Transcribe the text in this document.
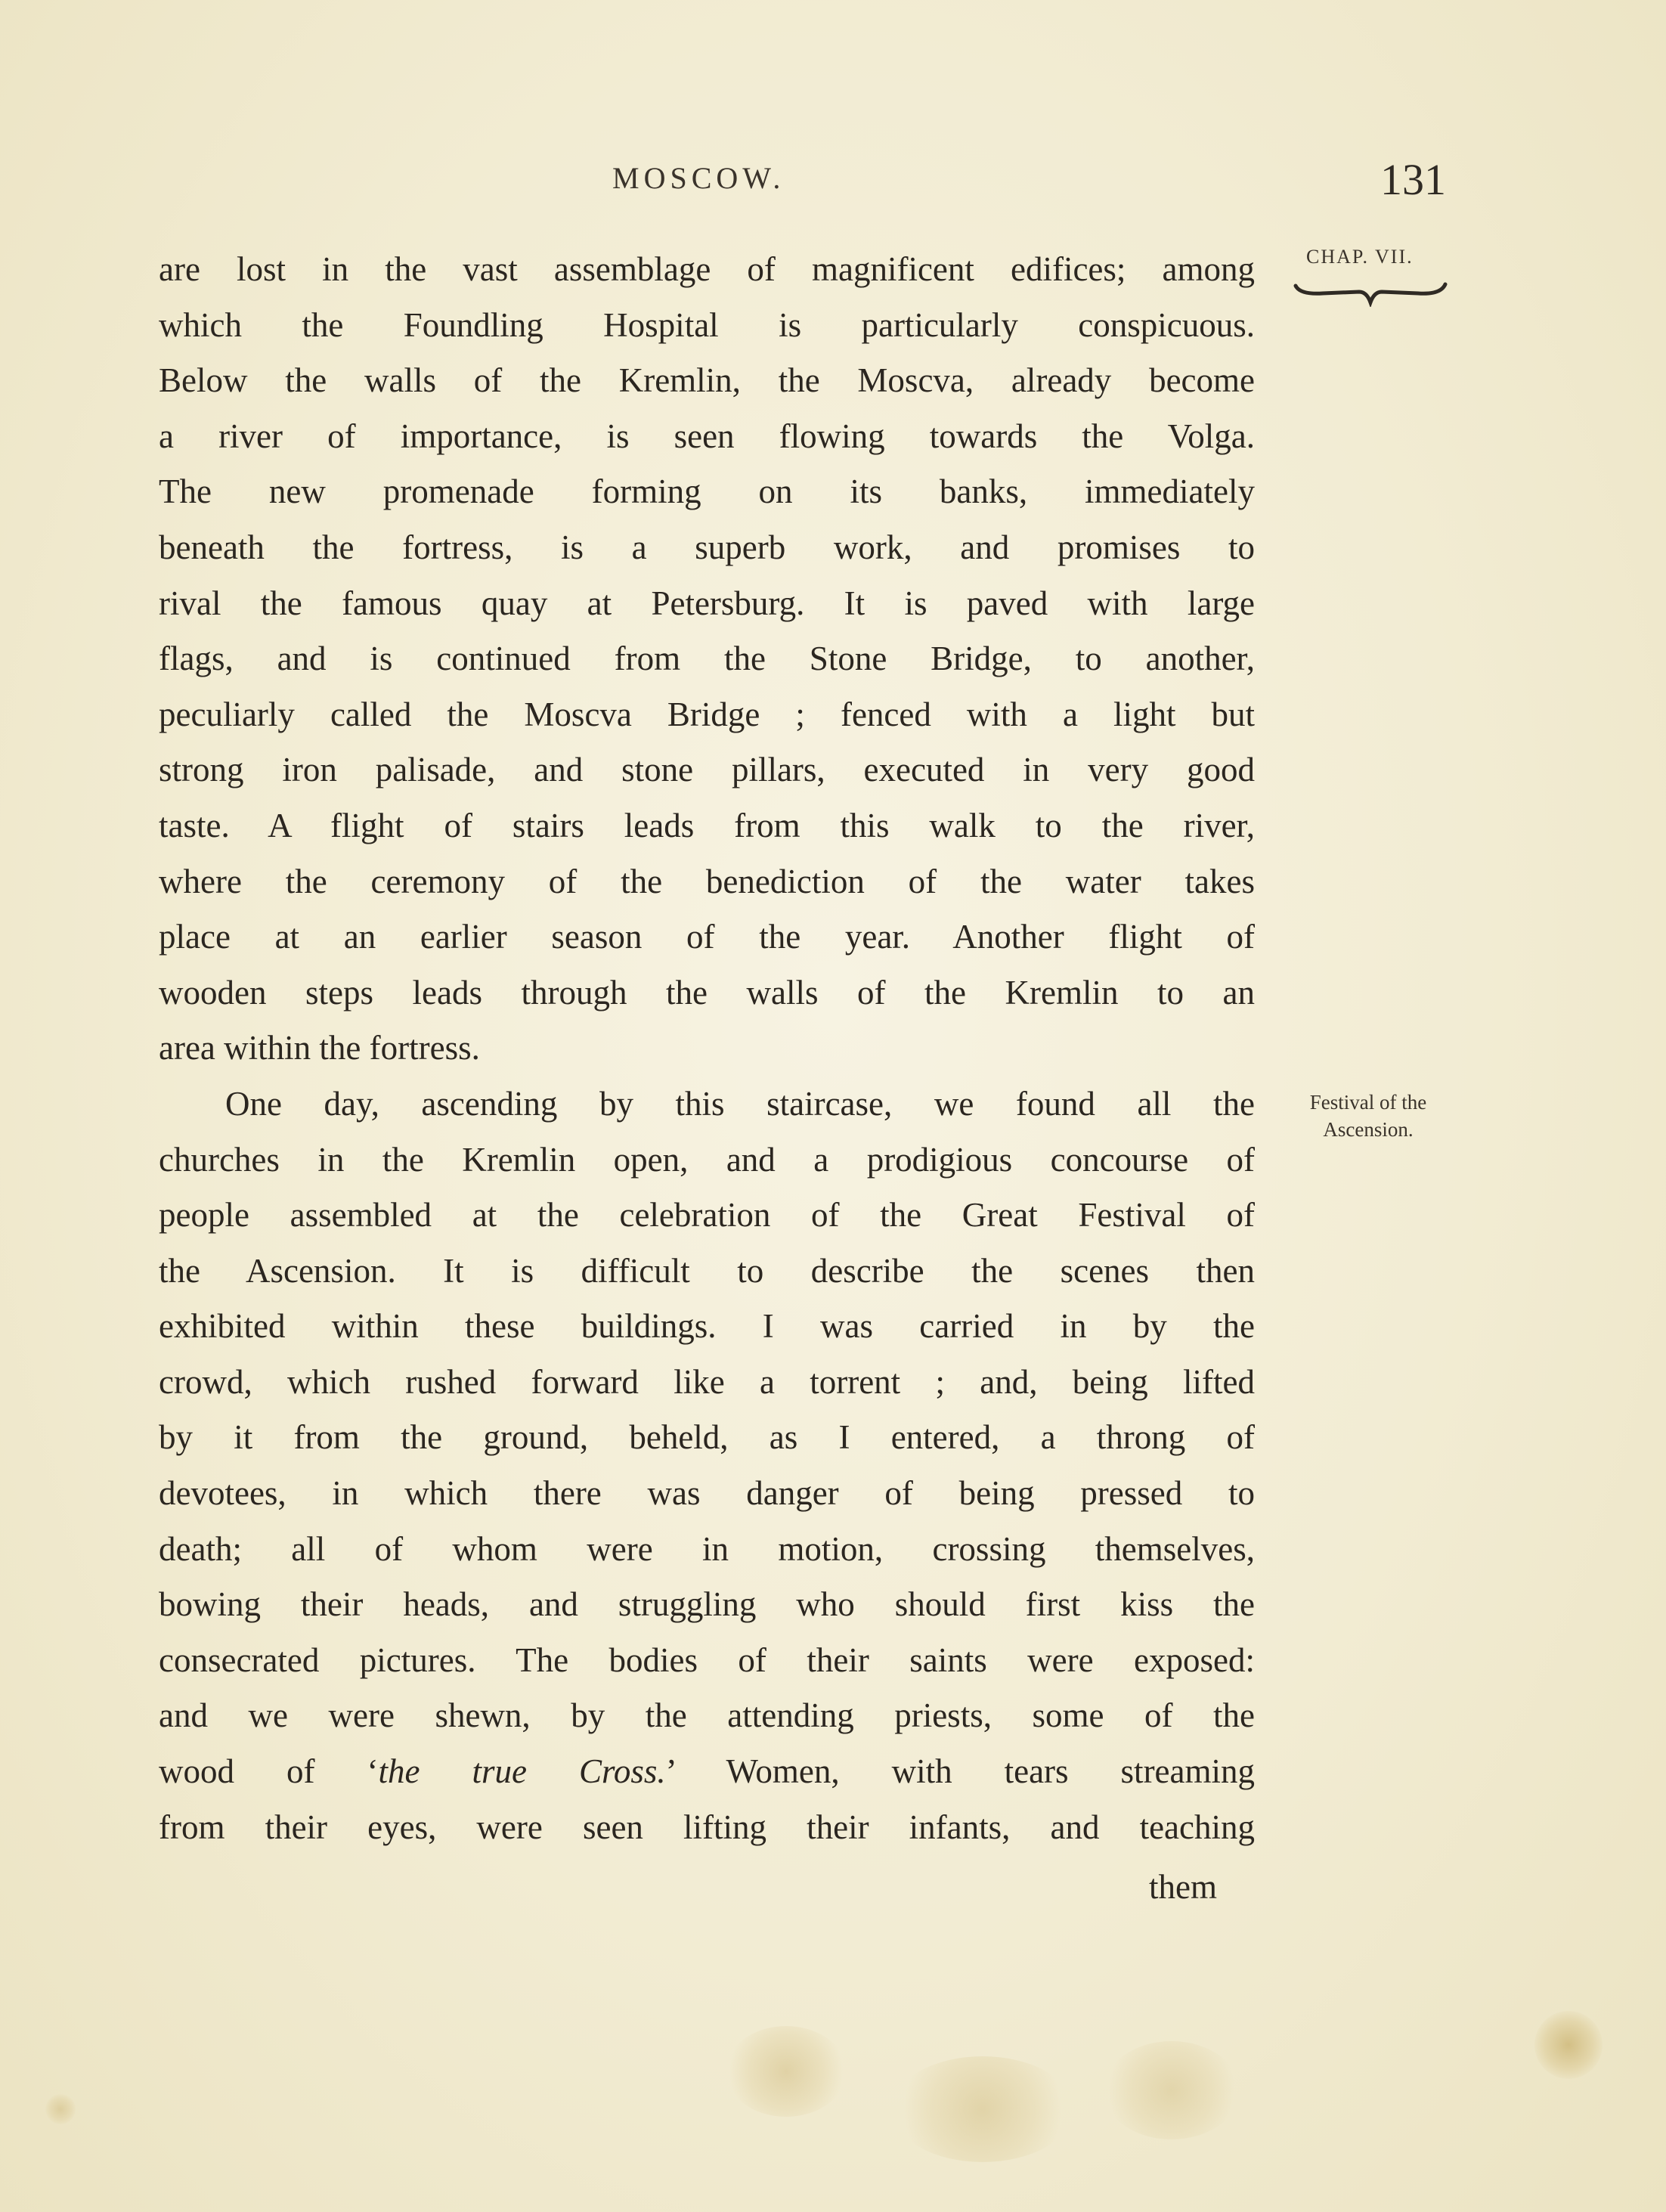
MOSCOW.	131
CHAP. VII.
Festival of the Ascension.
are lost in the vast assemblage of magnificent edifices; among
which the Foundling Hospital is particularly conspicuous.
Below the walls of the Kremlin, the Moscva, already become
a river of importance, is seen flowing towards the Volga.
The new promenade forming on its banks, immediately
beneath the fortress, is a superb work, and promises to
rival the famous quay at Petersburg. It is paved with large
flags, and is continued from the Stone Bridge, to another,
peculiarly called the Moscva Bridge ; fenced with a light but
strong iron palisade, and stone pillars, executed in very good
taste. A flight of stairs leads from this walk to the river,
where the ceremony of the benediction of the water takes
place at an earlier season of the year. Another flight of
wooden steps leads through the walls of the Kremlin to an
area within the fortress.
One day, ascending by this staircase, we found all the
churches in the Kremlin open, and a prodigious concourse of
people assembled at the celebration of the Great Festival of
the Ascension. It is difficult to describe the scenes then
exhibited within these buildings. I was carried in by the
crowd, which rushed forward like a torrent ; and, being lifted
by it from the ground, beheld, as I entered, a throng of
devotees, in which there was danger of being pressed to
death; all of whom were in motion, crossing themselves,
bowing their heads, and struggling who should first kiss the
consecrated pictures. The bodies of their saints were exposed:
and we were shewn, by the attending priests, some of the
wood of ‘the true Cross.’ Women, with tears streaming
from their eyes, were seen lifting their infants, and teaching
them
